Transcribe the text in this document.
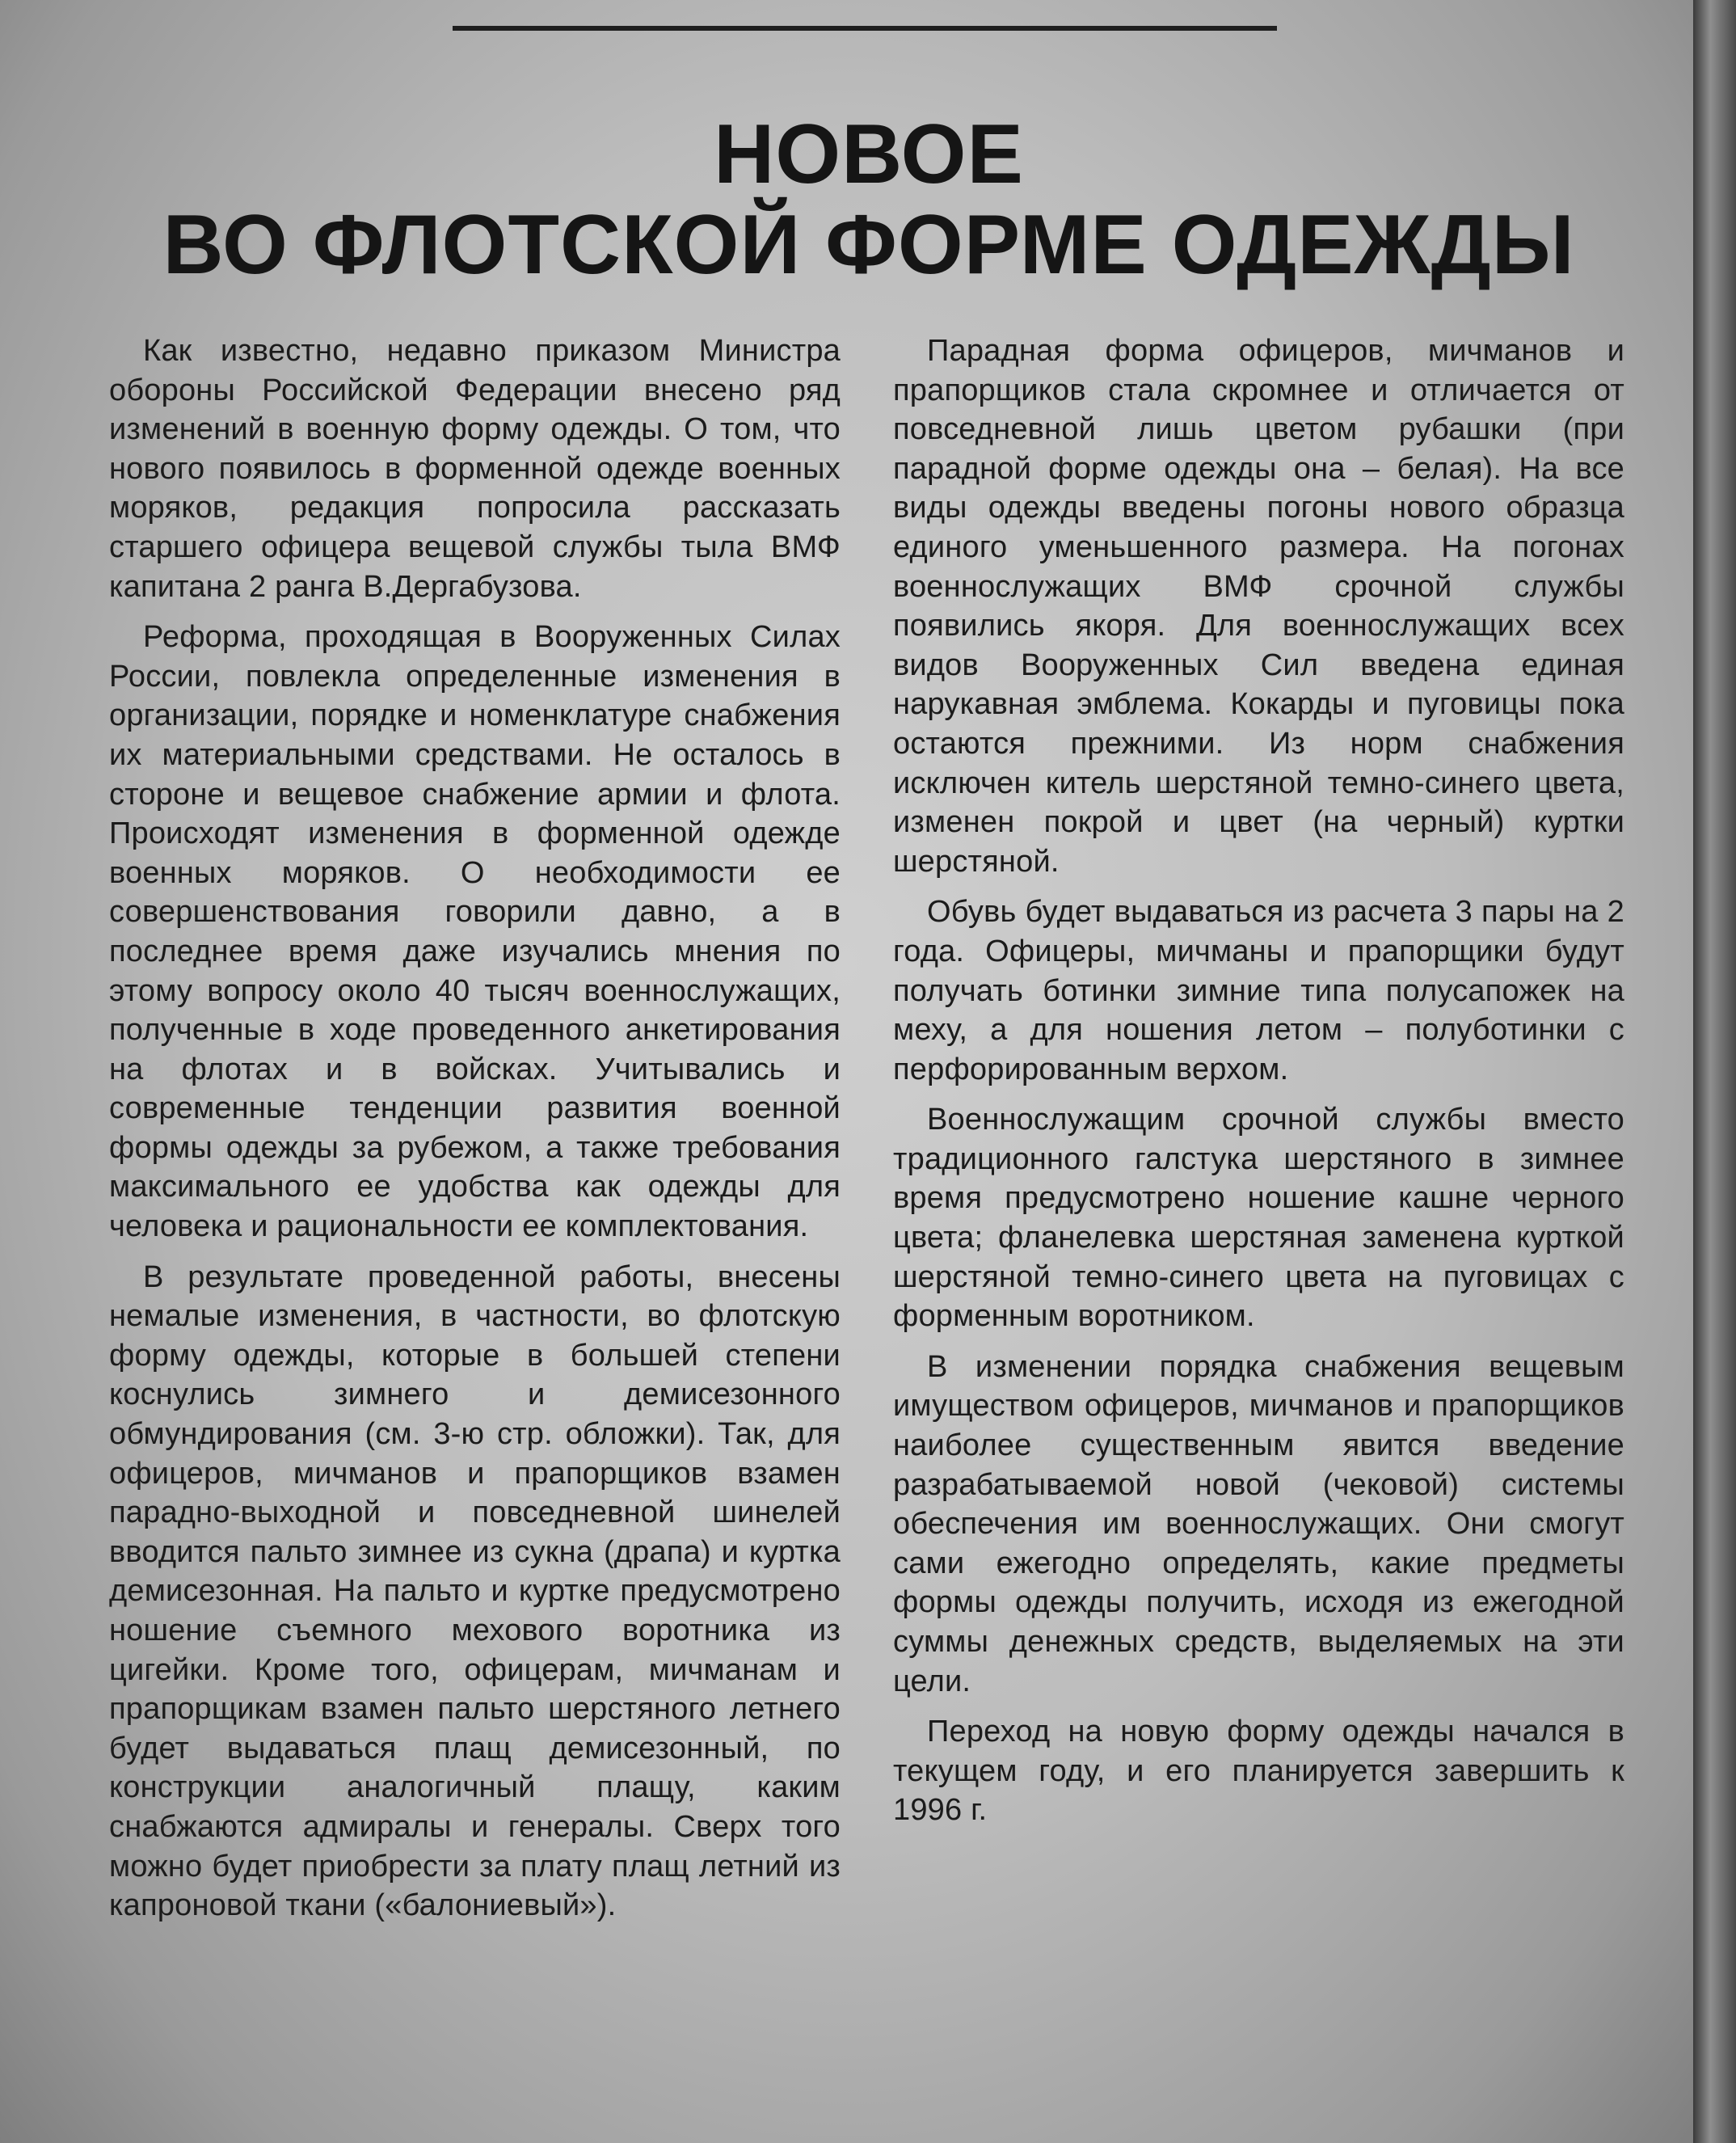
НОВОЕ
ВО ФЛОТСКОЙ ФОРМЕ ОДЕЖДЫ

Как известно, недавно приказом Министра обороны Российской Федерации внесено ряд изменений в военную форму одежды. О том, что нового появилось в форменной одежде военных моряков, редакция попросила рассказать старшего офицера вещевой службы тыла ВМФ капитана 2 ранга В.Дергабузова.

Реформа, проходящая в Вооруженных Силах России, повлекла определенные изменения в организации, порядке и номенклатуре снабжения их материальными средствами. Не осталось в стороне и вещевое снабжение армии и флота. Происходят изменения в форменной одежде военных моряков. О необходимости ее совершенствования говорили давно, а в последнее время даже изучались мнения по этому вопросу около 40 тысяч военнослужащих, полученные в ходе проведенного анкетирования на флотах и в войсках. Учитывались и современные тенденции развития военной формы одежды за рубежом, а также требования максимального ее удобства как одежды для человека и рациональности ее комплектования.

В результате проведенной работы, внесены немалые изменения, в частности, во флотскую форму одежды, которые в большей степени коснулись зимнего и демисезонного обмундирования (см. 3-ю стр. обложки). Так, для офицеров, мичманов и прапорщиков взамен парадно-выходной и повседневной шинелей вводится пальто зимнее из сукна (драпа) и куртка демисезонная. На пальто и куртке предусмотрено ношение съемного мехового воротника из цигейки. Кроме того, офицерам, мичманам и прапорщикам взамен пальто шерстяного летнего будет выдаваться плащ демисезонный, по конструкции аналогичный плащу, каким снабжаются адмиралы и генералы. Сверх того можно будет приобрести за плату плащ летний из капроновой ткани («балониевый»).

Парадная форма офицеров, мичманов и прапорщиков стала скромнее и отличается от повседневной лишь цветом рубашки (при парадной форме одежды она – белая). На все виды одежды введены погоны нового образца единого уменьшенного размера. На погонах военнослужащих ВМФ срочной службы появились якоря. Для военнослужащих всех видов Вооруженных Сил введена единая нарукавная эмблема. Кокарды и пуговицы пока остаются прежними. Из норм снабжения исключен китель шерстяной темно-синего цвета, изменен покрой и цвет (на черный) куртки шерстяной.

Обувь будет выдаваться из расчета 3 пары на 2 года. Офицеры, мичманы и прапорщики будут получать ботинки зимние типа полусапожек на меху, а для ношения летом – полуботинки с перфорированным верхом.

Военнослужащим срочной службы вместо традиционного галстука шерстяного в зимнее время предусмотрено ношение кашне черного цвета; фланелевка шерстяная заменена курткой шерстяной темно-синего цвета на пуговицах с форменным воротником.

В изменении порядка снабжения вещевым имуществом офицеров, мичманов и прапорщиков наиболее существенным явится введение разрабатываемой новой (чековой) системы обеспечения им военнослужащих. Они смогут сами ежегодно определять, какие предметы формы одежды получить, исходя из ежегодной суммы денежных средств, выделяемых на эти цели.

Переход на новую форму одежды начался в текущем году, и его планируется завершить к 1996 г.
